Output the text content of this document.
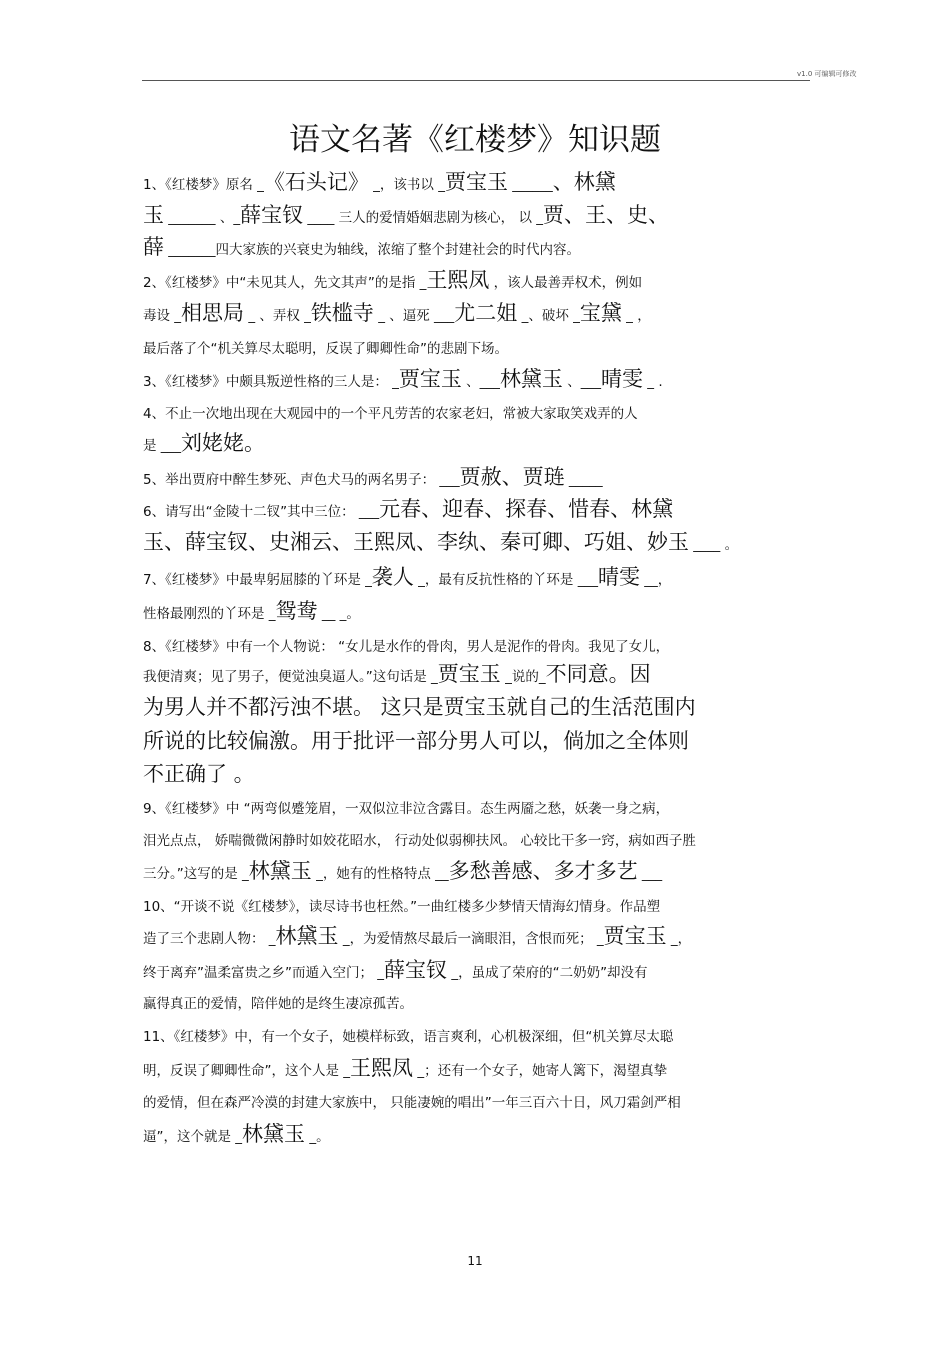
v1.0 可编辑可修改
语文名著《红楼梦》知识题
1、《红楼梦》原名 _《石头记》 _，该书以 _贾宝玉 ______、林黛
玉 _______ 、_薛宝钗 ____ 三人的爱情婚姻悲剧为核心， 以 _贾、王、史、
薛 _______四大家族的兴衰史为轴线，浓缩了整个封建社会的时代内容。
2、《红楼梦》中“未见其人，先文其声”的是指 _王熙凤 ，该人最善弄权术，例如
毒设 _相思局 _ 、弄权 _铁槛寺 _ 、逼死 ___尤二姐 _、破坏 _宝黛 _ ，
最后落了个“机关算尽太聪明，反误了卿卿性命”的悲剧下场。
3、《红楼梦》中颇具叛逆性格的三人是： _贾宝玉 、___林黛玉 、___晴雯 _ .
4、不止一次地出现在大观园中的一个平凡劳苦的农家老妇，常被大家取笑戏弄的人
是 ___刘姥姥。
5、举出贾府中醉生梦死、声色犬马的两名男子： ___贾赦、贾琏 _____
6、请写出“金陵十二钗”其中三位： ___元春、迎春、探春、惜春、林黛
玉、薛宝钗、史湘云、王熙凤、李纨、秦可卿、巧姐、妙玉 ____ 。
7、《红楼梦》中最卑躬屈膝的丫环是 _袭人 _，最有反抗性格的丫环是 ___晴雯 __，
性格最刚烈的丫环是 _鸳鸯 __ _。
8、《红楼梦》中有一个人物说： “女儿是水作的骨肉，男人是泥作的骨肉。我见了女儿，
我便清爽；见了男子，便觉浊臭逼人。”这句话是 _贾宝玉 _说的_不同意。因
为男人并不都污浊不堪。 这只是贾宝玉就自己的生活范围内
所说的比较偏激。用于批评一部分男人可以，倘加之全体则
不正确了 。
9、《红楼梦》中 “两弯似蹙笼眉，一双似泣非泣含露目。态生两靥之愁，妖袭一身之病，
泪光点点， 娇喘微微闲静时如姣花昭水， 行动处似弱柳扶风。 心较比干多一窍，病如西子胜
三分。”这写的是 _林黛玉 _，她有的性格特点 __多愁善感、多才多艺 ___
10、“开谈不说《红楼梦》，读尽诗书也枉然。”一曲红楼多少梦情天情海幻情身。作品塑
造了三个悲剧人物： _林黛玉 _，为爱情熬尽最后一滴眼泪，含恨而死； _贾宝玉 _，
终于离弃”温柔富贵之乡”而遁入空门； _薛宝钗 _，虽成了荣府的“二奶奶”却没有
赢得真正的爱情，陪伴她的是终生凄凉孤苦。
11、《红楼梦》中，有一个女子，她模样标致，语言爽利，心机极深细，但“机关算尽太聪
明，反误了卿卿性命”，这个人是 _王熙凤 _；还有一个女子，她寄人篱下，渴望真挚
的爱情，但在森严冷漠的封建大家族中， 只能凄婉的唱出”一年三百六十日，风刀霜剑严相
逼”，这个就是 _林黛玉 _。
11
